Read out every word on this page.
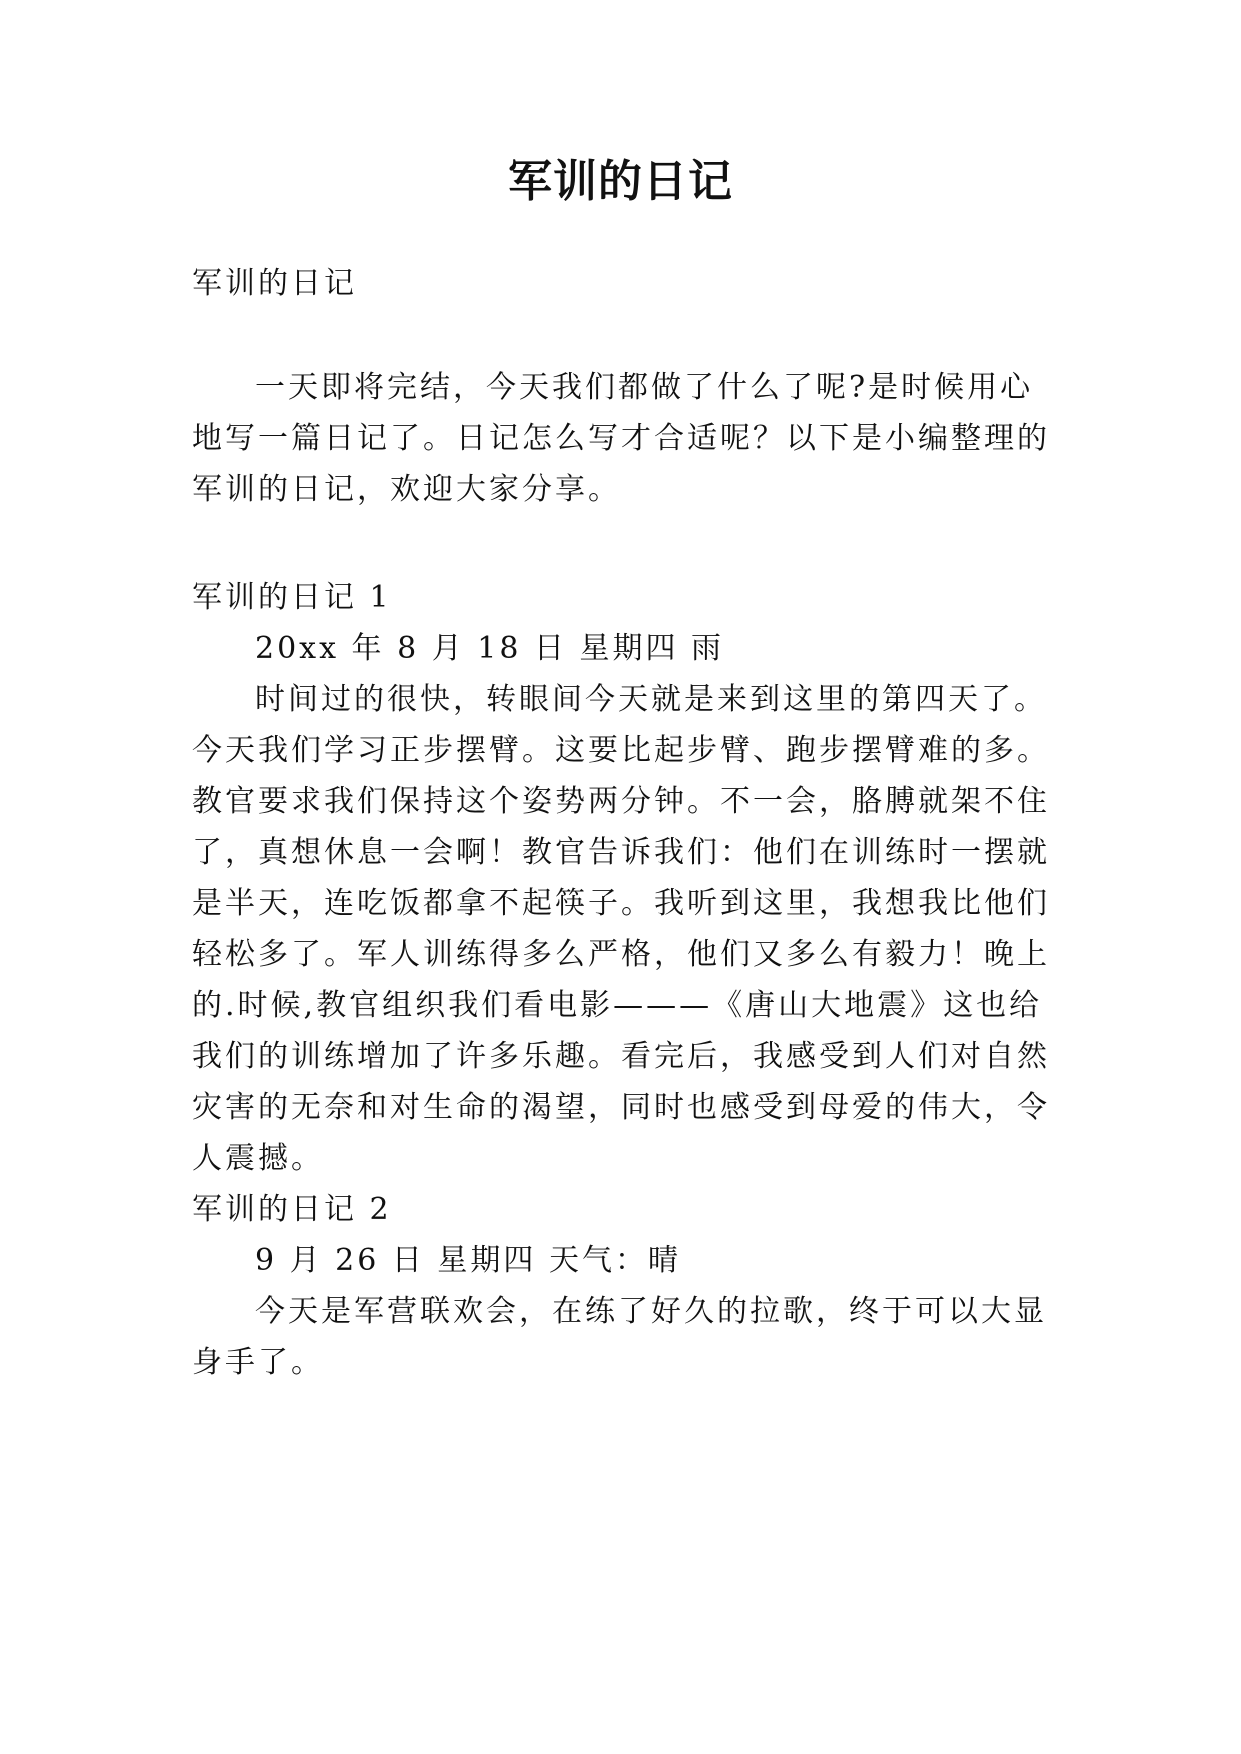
军训的日记
军训的日记
一天即将完结，今天我们都做了什么了呢?是时候用心
地写一篇日记了。日记怎么写才合适呢？以下是小编整理的
军训的日记，欢迎大家分享。
军训的日记 1
20xx 年 8 月 18 日 星期四 雨
时间过的很快，转眼间今天就是来到这里的第四天了。
今天我们学习正步摆臂。这要比起步臂、跑步摆臂难的多。
教官要求我们保持这个姿势两分钟。不一会，胳膊就架不住
了，真想休息一会啊！教官告诉我们：他们在训练时一摆就
是半天，连吃饭都拿不起筷子。我听到这里，我想我比他们
轻松多了。军人训练得多么严格，他们又多么有毅力！晚上
的.时候,教官组织我们看电影———《唐山大地震》这也给
我们的训练增加了许多乐趣。看完后，我感受到人们对自然
灾害的无奈和对生命的渴望，同时也感受到母爱的伟大，令
人震撼。
军训的日记 2
9 月 26 日 星期四 天气：晴
今天是军营联欢会，在练了好久的拉歌，终于可以大显
身手了。
